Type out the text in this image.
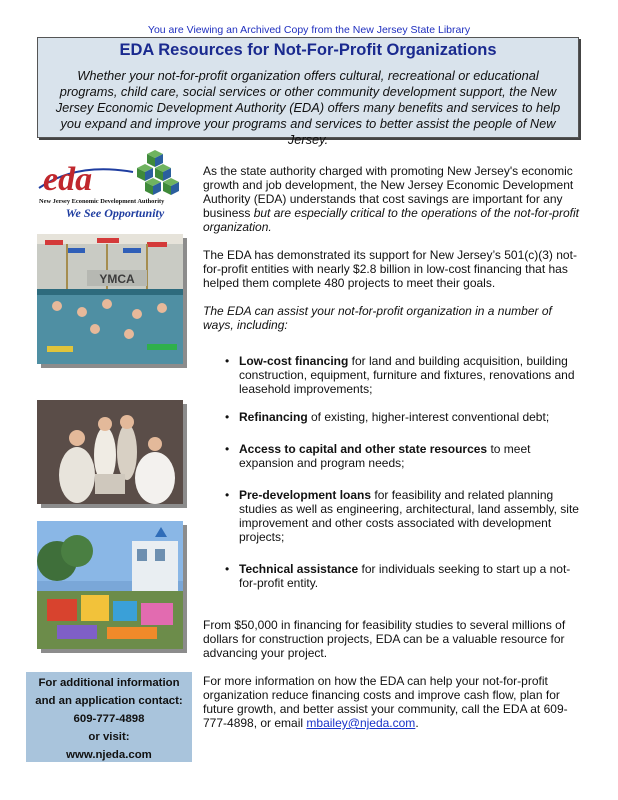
You are Viewing an Archived Copy from the New Jersey State Library
EDA Resources for Not-For-Profit Organizations
Whether your not-for-profit organization offers cultural, recreational or educational programs, child care, social services or other community development support, the New Jersey Economic Development Authority (EDA) offers many benefits and services to help you expand and improve your programs and services to better assist the people of New Jersey.
eda
New Jersey Economic Development Authority
We See Opportunity
YMCA
For additional information
and an application contact:
609-777-4898
or visit:
www.njeda.com

As the state authority charged with promoting New Jersey's economic growth and job development, the New Jersey Economic Development Authority (EDA) understands that cost savings are important for any business but are especially critical to the operations of the not-for-profit organization.

The EDA has demonstrated its support for New Jersey’s 501(c)(3) not-for-profit entities with nearly $2.8 billion in low-cost financing that has helped them complete 480 projects to meet their goals.

The EDA can assist your not-for-profit organization in a number of ways, including:

• Low-cost financing for land and building acquisition, building construction, equipment, furniture and fixtures, renovations and leasehold improvements;
• Refinancing of existing, higher-interest conventional debt;
• Access to capital and other state resources to meet expansion and program needs;
• Pre-development loans for feasibility and related planning studies as well as engineering, architectural, land assembly, site improvement and other costs associated with development projects;
• Technical assistance for individuals seeking to start up a not-for-profit entity.

From $50,000 in financing for feasibility studies to several millions of dollars for construction projects, EDA can be a valuable resource for advancing your project.

For more information on how the EDA can help your not-for-profit organization reduce financing costs and improve cash flow, plan for future growth, and better assist your community, call the EDA at 609-777-4898, or email mbailey@njeda.com.
